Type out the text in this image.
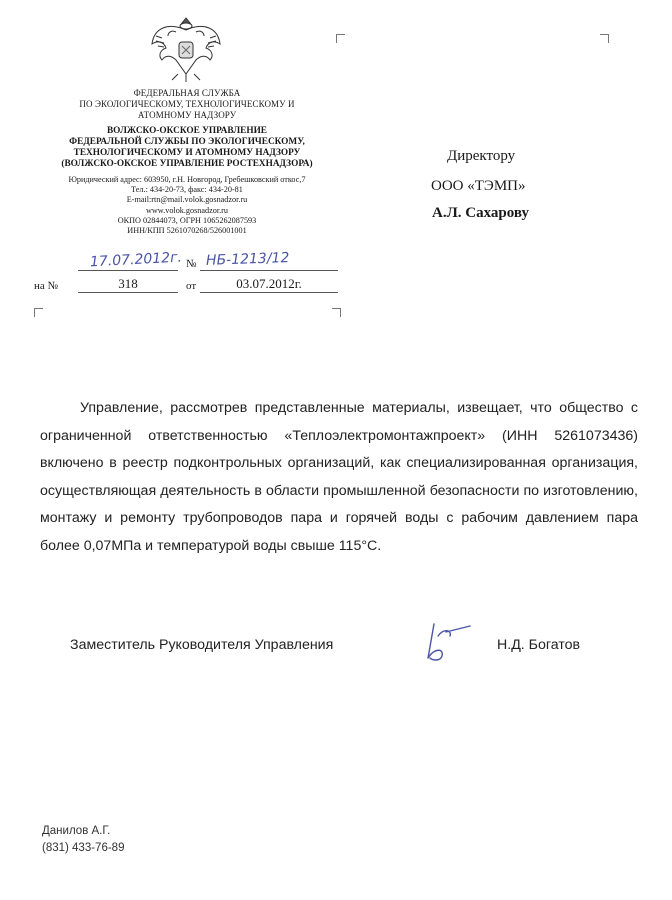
ФЕДЕРАЛЬНАЯ СЛУЖБА
ПО ЭКОЛОГИЧЕСКОМУ, ТЕХНОЛОГИЧЕСКОМУ И
АТОМНОМУ НАДЗОРУ
ВОЛЖСКО-ОКСКОЕ УПРАВЛЕНИЕ
ФЕДЕРАЛЬНОЙ СЛУЖБЫ ПО ЭКОЛОГИЧЕСКОМУ,
ТЕХНОЛОГИЧЕСКОМУ И АТОМНОМУ НАДЗОРУ
(ВОЛЖСКО-ОКСКОЕ УПРАВЛЕНИЕ РОСТЕХНАДЗОРА)
Юридический адрес: 603950, г.Н. Новгород, Гребешковский откос,7
Тел.: 434-20-73, факс: 434-20-81
E-mail:rtn@mail.volok.gosnadzor.ru
www.volok.gosnadzor.ru
ОКПО 02844073, ОГРН 1065262087593
ИНН/КПП 5261070268/526001001
17.07.2012г. № НБ-1213/12
на №	318	от	03.07.2012г.
Директору
ООО «ТЭМП»
А.Л. Сахарову
Управление, рассмотрев представленные материалы, извещает, что общество с ограниченной ответственностью «Теплоэлектромонтажпроект» (ИНН 5261073436) включено в реестр подконтрольных организаций, как специализированная организация, осуществляющая деятельность в области промышленной безопасности по изготовлению, монтажу и ремонту трубопроводов пара и горячей воды с рабочим давлением пара более 0,07МПа и температурой воды свыше 115°С.
Заместитель Руководителя Управления	Н.Д. Богатов
Данилов А.Г.
(831) 433-76-89
